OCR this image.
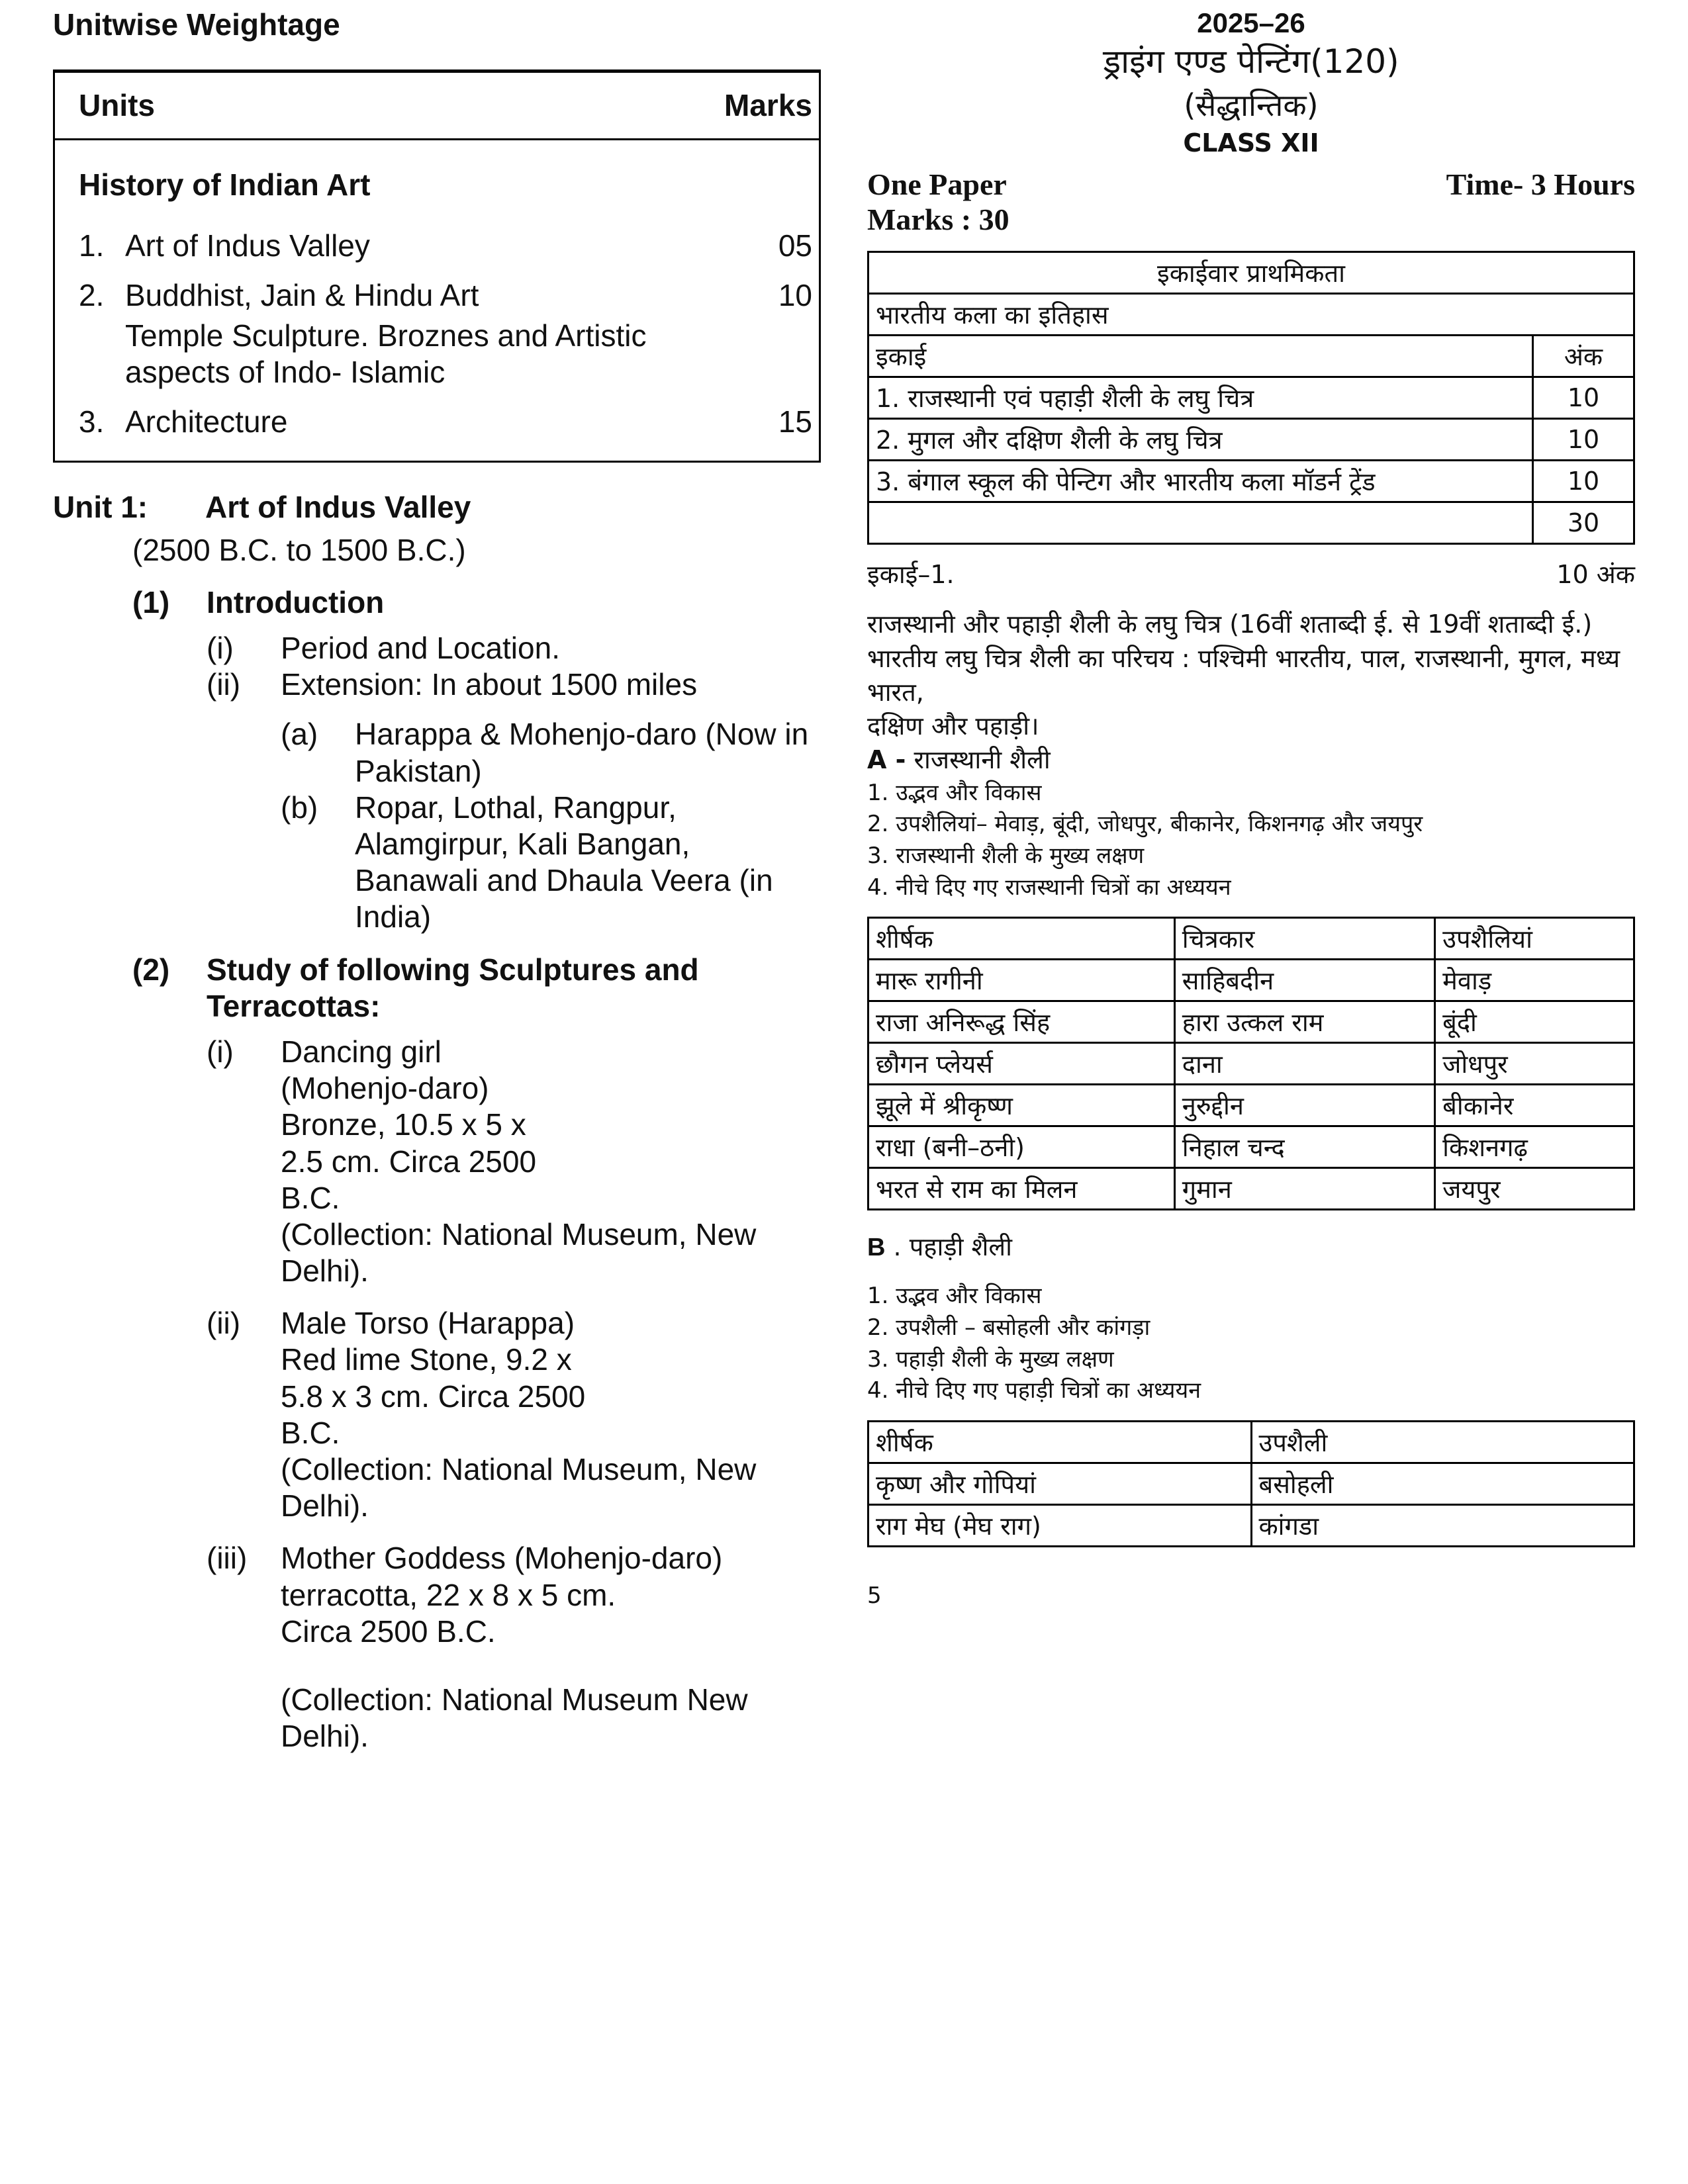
Unitwise Weightage
Units	Marks
History of Indian Art
1. Art of Indus Valley	05
2. Buddhist, Jain & Hindu Art	10
Temple Sculpture. Broznes and Artistic aspects of Indo- Islamic
3. Architecture	15
Unit 1:	Art of Indus Valley
(2500 B.C. to 1500 B.C.)
(1)	Introduction
(i)	Period and Location.
(ii)	Extension: In about 1500 miles
(a)	Harappa & Mohenjo-daro (Now in Pakistan)
(b)	Ropar, Lothal, Rangpur, Alamgirpur, Kali Bangan,
Banawali and Dhaula Veera (in India)
(2)	Study of following Sculptures and Terracottas:
(i)	Dancing girl
(Mohenjo-daro)
Bronze, 10.5 x 5 x
2.5 cm. Circa 2500
B.C.
(Collection: National Museum, New Delhi).
(ii)	Male Torso (Harappa)
Red lime Stone, 9.2 x
5.8 x 3 cm. Circa 2500
B.C.
(Collection: National Museum, New Delhi).
(iii)	Mother Goddess (Mohenjo-daro) terracotta, 22 x 8 x 5 cm.
Circa 2500 B.C.
(Collection: National Museum New Delhi).
2025–26
ड्राइंग एण्ड पेन्टिंग(120)
(सैद्धान्तिक)
CLASS XII
One Paper
Marks : 30
Time- 3 Hours
इकाईवार प्राथमिकता	
भारतीय कला का इतिहास	
इकाई	अंक
1. राजस्थानी एवं पहाड़ी शैली के लघु चित्र	10
2. मुगल और दक्षिण शैली के लघु चित्र	10
3. बंगाल स्कूल की पेन्टिग और भारतीय कला मॉडर्न ट्रेंड	10
	30
इकाई–1.	10 अंक
राजस्थानी और पहाड़ी शैली के लघु चित्र (16वीं शताब्दी ई. से 19वीं शताब्दी ई.)
भारतीय लघु चित्र शैली का परिचय : पश्चिमी भारतीय, पाल, राजस्थानी, मुगल, मध्य भारत,
दक्षिण और पहाड़ी।
A - राजस्थानी शैली
1. उद्भव और विकास
2. उपशैलियां– मेवाड़, बूंदी, जोधपुर, बीकानेर, किशनगढ़ और जयपुर
3. राजस्थानी शैली के मुख्य लक्षण
4. नीचे दिए गए राजस्थानी चित्रों का अध्ययन
शीर्षक	चित्रकार	उपशैलियां
मारू रागीनी	साहिबदीन	मेवाड़
राजा अनिरूद्ध सिंह	हारा उत्कल राम	बूंदी
छौगन प्लेयर्स	दाना	जोधपुर
झूले में श्रीकृष्ण	नुरुद्दीन	बीकानेर
राधा (बनी–ठनी)	निहाल चन्द	किशनगढ़
भरत से राम का मिलन	गुमान	जयपुर
B . पहाड़ी शैली
1. उद्भव और विकास
2. उपशैली – बसोहली और कांगड़ा
3. पहाड़ी शैली के मुख्य लक्षण
4. नीचे दिए गए पहाड़ी चित्रों का अध्ययन
शीर्षक	उपशैली
कृष्ण और गोपियां	बसोहली
राग मेघ (मेघ राग)	कांगडा
5
